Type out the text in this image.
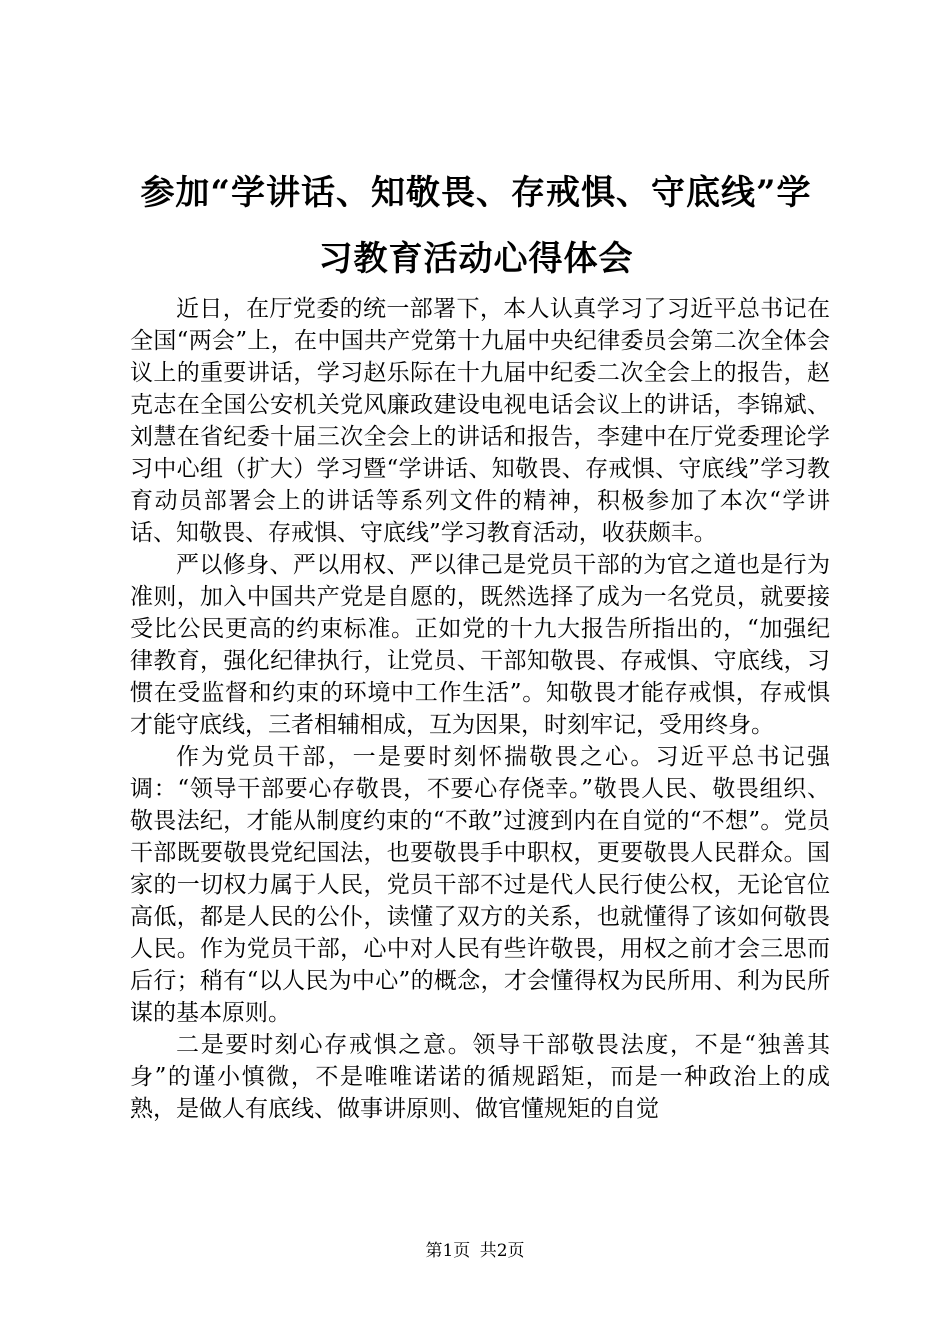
参加“学讲话、知敬畏、存戒惧、守底线”学习教育活动心得体会

近日，在厅党委的统一部署下，本人认真学习了习近平总书记在全国“两会”上，在中国共产党第十九届中央纪律委员会第二次全体会议上的重要讲话，学习赵乐际在十九届中纪委二次全会上的报告，赵克志在全国公安机关党风廉政建设电视电话会议上的讲话，李锦斌、刘慧在省纪委十届三次全会上的讲话和报告，李建中在厅党委理论学习中心组（扩大）学习暨“学讲话、知敬畏、存戒惧、守底线”学习教育动员部署会上的讲话等系列文件的精神，积极参加了本次“学讲话、知敬畏、存戒惧、守底线”学习教育活动，收获颇丰。

严以修身、严以用权、严以律己是党员干部的为官之道也是行为准则，加入中国共产党是自愿的，既然选择了成为一名党员，就要接受比公民更高的约束标准。正如党的十九大报告所指出的，“加强纪律教育，强化纪律执行，让党员、干部知敬畏、存戒惧、守底线，习惯在受监督和约束的环境中工作生活”。知敬畏才能存戒惧，存戒惧才能守底线，三者相辅相成，互为因果，时刻牢记，受用终身。

作为党员干部，一是要时刻怀揣敬畏之心。习近平总书记强调：“领导干部要心存敬畏，不要心存侥幸。”敬畏人民、敬畏组织、敬畏法纪，才能从制度约束的“不敢”过渡到内在自觉的“不想”。党员干部既要敬畏党纪国法，也要敬畏手中职权，更要敬畏人民群众。国家的一切权力属于人民，党员干部不过是代人民行使公权，无论官位高低，都是人民的公仆，读懂了双方的关系，也就懂得了该如何敬畏人民。作为党员干部，心中对人民有些许敬畏，用权之前才会三思而后行；稍有“以人民为中心”的概念，才会懂得权为民所用、利为民所谋的基本原则。

二是要时刻心存戒惧之意。领导干部敬畏法度，不是“独善其身”的谨小慎微，不是唯唯诺诺的循规蹈矩，而是一种政治上的成熟，是做人有底线、做事讲原则、做官懂规矩的自觉

第1页 共2页
